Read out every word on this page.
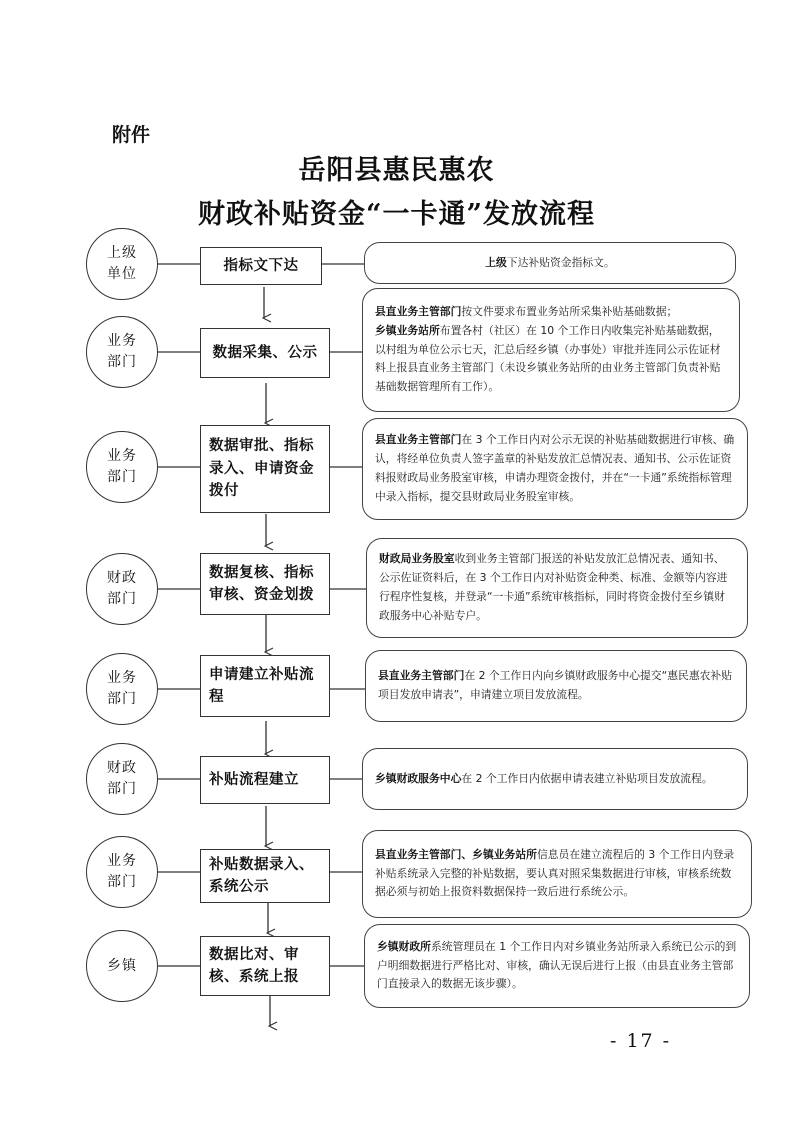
附件
岳阳县惠民惠农
财政补贴资金“一卡通”发放流程
上级
单位
指标文下达	上级下达补贴资金指标文。
业务
部门
数据采集、公示
县直业务主管部门按文件要求布置业务站所采集补贴基础数据；
乡镇业务站所布置各村（社区）在 10 个工作日内收集完补贴基础数据，以村组为单位公示七天，汇总后经乡镇（办事处）审批并连同公示佐证材料上报县直业务主管部门（未设乡镇业务站所的由业务主管部门负责补贴基础数据管理所有工作）。
业务
部门
数据审批、指标录入、申请资金拨付
县直业务主管部门在 3 个工作日内对公示无误的补贴基础数据进行审核、确认，将经单位负责人签字盖章的补贴发放汇总情况表、通知书、公示佐证资料报财政局业务股室审核，申请办理资金拨付，并在“一卡通”系统指标管理中录入指标，提交县财政局业务股室审核。
财政
部门
数据复核、指标审核、资金划拨
财政局业务股室收到业务主管部门报送的补贴发放汇总情况表、通知书、公示佐证资料后，在 3 个工作日内对补贴资金种类、标准、金额等内容进行程序性复核，并登录“一卡通”系统审核指标，同时将资金拨付至乡镇财政服务中心补贴专户。
业务
部门
申请建立补贴流程
县直业务主管部门在 2 个工作日内向乡镇财政服务中心提交“惠民惠农补贴项目发放申请表”，申请建立项目发放流程。
财政
部门
补贴流程建立	乡镇财政服务中心在 2 个工作日内依据申请表建立补贴项目发放流程。
业务
部门
补贴数据录入、系统公示
县直业务主管部门、乡镇业务站所信息员在建立流程后的 3 个工作日内登录补贴系统录入完整的补贴数据，要认真对照采集数据进行审核，审核系统数据必须与初始上报资料数据保持一致后进行系统公示。
乡镇
数据比对、审核、系统上报
乡镇财政所系统管理员在 1 个工作日内对乡镇业务站所录入系统已公示的到户明细数据进行严格比对、审核，确认无误后进行上报（由县直业务主管部门直接录入的数据无该步骤）。
- 17 -
